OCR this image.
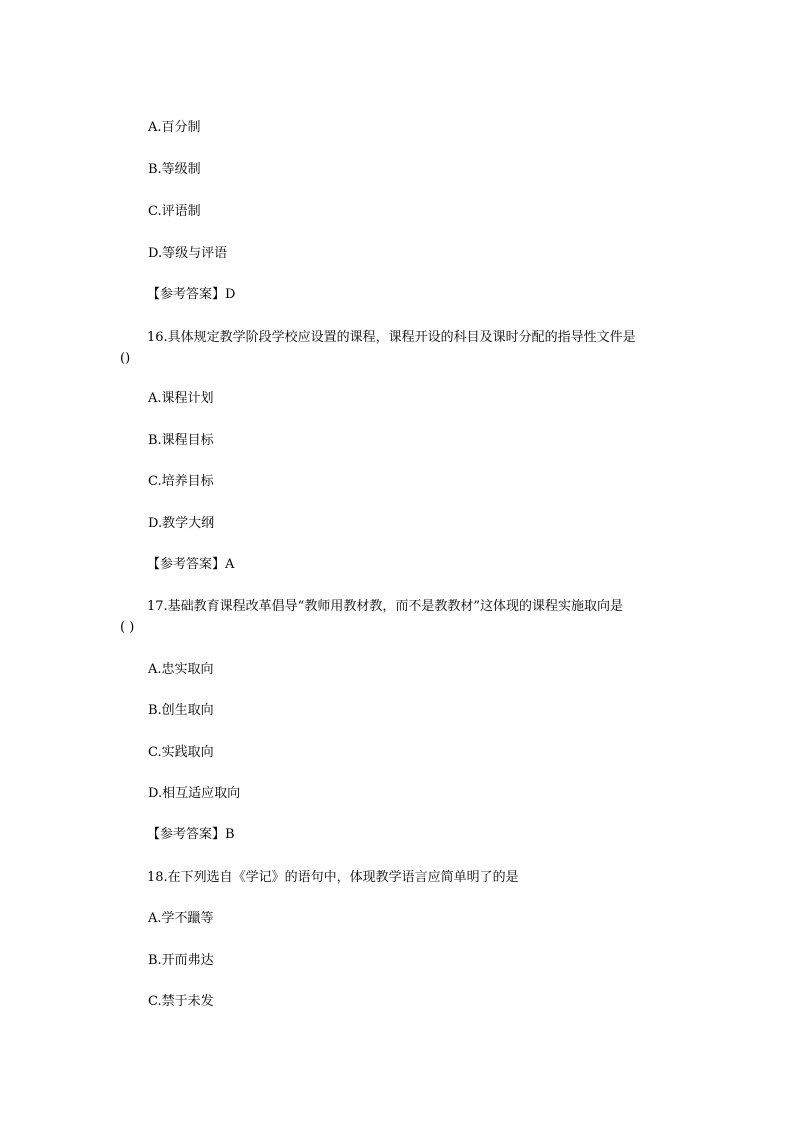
A.百分制
B.等级制
C.评语制
D.等级与评语
【参考答案】D
16.具体规定教学阶段学校应设置的课程，课程开设的科目及课时分配的指导性文件是
()
A.课程计划
B.课程目标
C.培养目标
D.教学大纲
【参考答案】A
17.基础教育课程改革倡导“教师用教材教，而不是教教材”这体现的课程实施取向是
( )
A.忠实取向
B.创生取向
C.实践取向
D.相互适应取向
【参考答案】B
18.在下列选自《学记》的语句中，体现教学语言应简单明了的是
A.学不躐等
B.开而弗达
C.禁于未发
